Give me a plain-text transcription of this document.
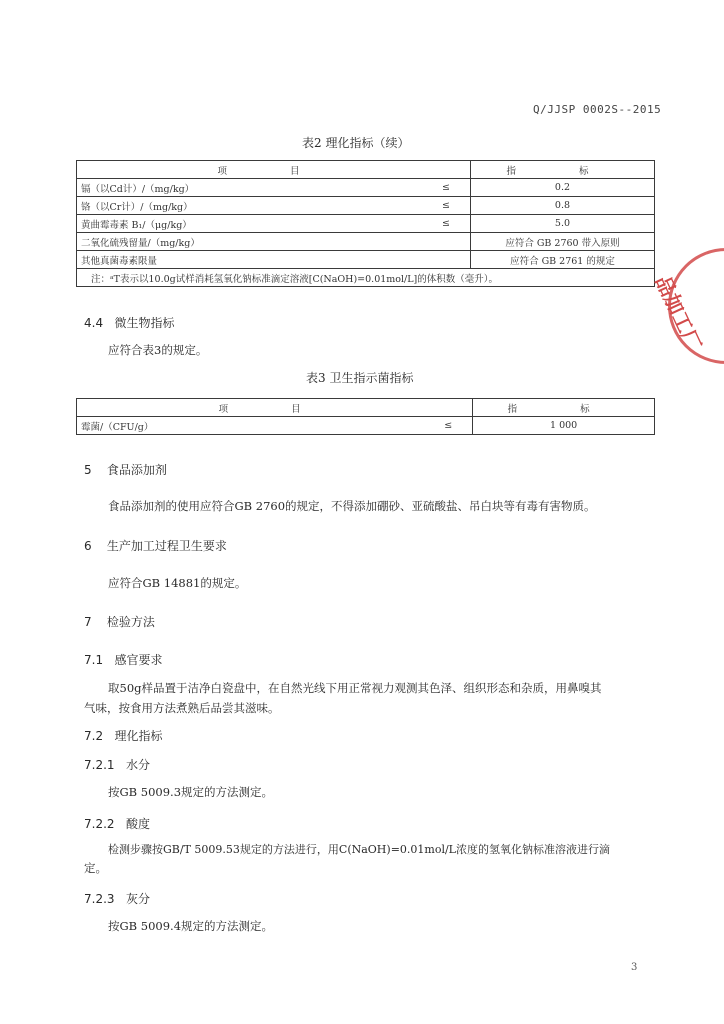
Q/JJSP 0002S--2015
表2 理化指标（续）
项 目		指 标
镉（以Cd计）/（mg/kg）	≤	0.2
铬（以Cr计）/（mg/kg）	≤	0.8
黄曲霉毒素 B₁/（μg/kg）	≤	5.0
二氧化硫残留量/（mg/kg）		应符合 GB 2760 带入原则
其他真菌毒素限量		应符合 GB 2761 的规定
注：ᵃT表示以10.0g试样消耗氢氧化钠标准滴定溶液[C(NaOH)=0.01mol/L]的体积数（毫升）。		
4.4 微生物指标
应符合表3的规定。
表3 卫生指示菌指标
项 目		指 标
霉菌/（CFU/g）	≤	1 000
5 食品添加剂
食品添加剂的使用应符合GB 2760的规定，不得添加硼砂、亚硫酸盐、吊白块等有毒有害物质。
6 生产加工过程卫生要求
应符合GB 14881的规定。
7 检验方法
7.1 感官要求
取50g样品置于洁净白瓷盘中，在自然光线下用正常视力观测其色泽、组织形态和杂质，用鼻嗅其
气味，按食用方法煮熟后品尝其滋味。
7.2 理化指标
7.2.1 水分
按GB 5009.3规定的方法测定。
7.2.2 酸度
检测步骤按GB/T 5009.53规定的方法进行，用C(NaOH)=0.01mol/L浓度的氢氧化钠标准溶液进行滴
定。
7.2.3 灰分
按GB 5009.4规定的方法测定。
品加工厂
3
